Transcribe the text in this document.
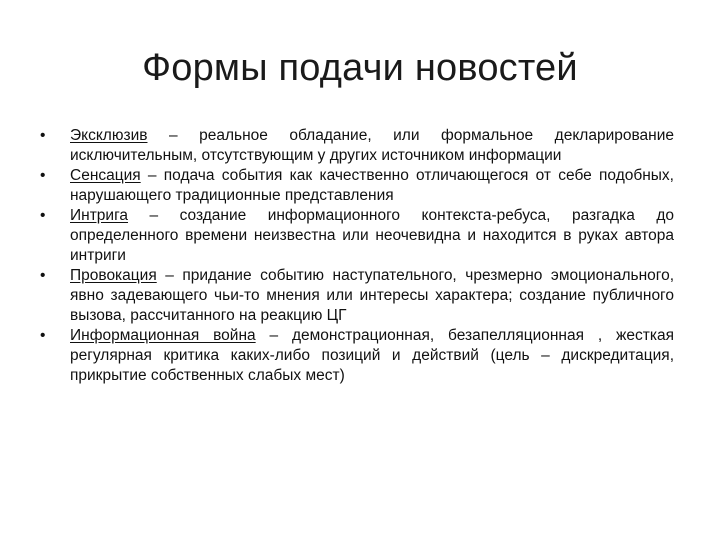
Формы подачи новостей
• Эксклюзив – реальное обладание, или формальное декларирование исключительным, отсутствующим у других источником информации
• Сенсация – подача события как качественно отличающегося от себе подобных, нарушающего традиционные представления
• Интрига – создание информационного контекста-ребуса, разгадка до определенного времени неизвестна или неочевидна и находится в руках автора интриги
• Провокация – придание событию наступательного, чрезмерно эмоционального, явно задевающего чьи-то мнения или интересы характера; создание публичного вызова, рассчитанного на реакцию ЦГ
• Информационная война – демонстрационная, безапелляционная , жесткая регулярная критика каких-либо позиций и действий (цель – дискредитация, прикрытие собственных слабых мест)
